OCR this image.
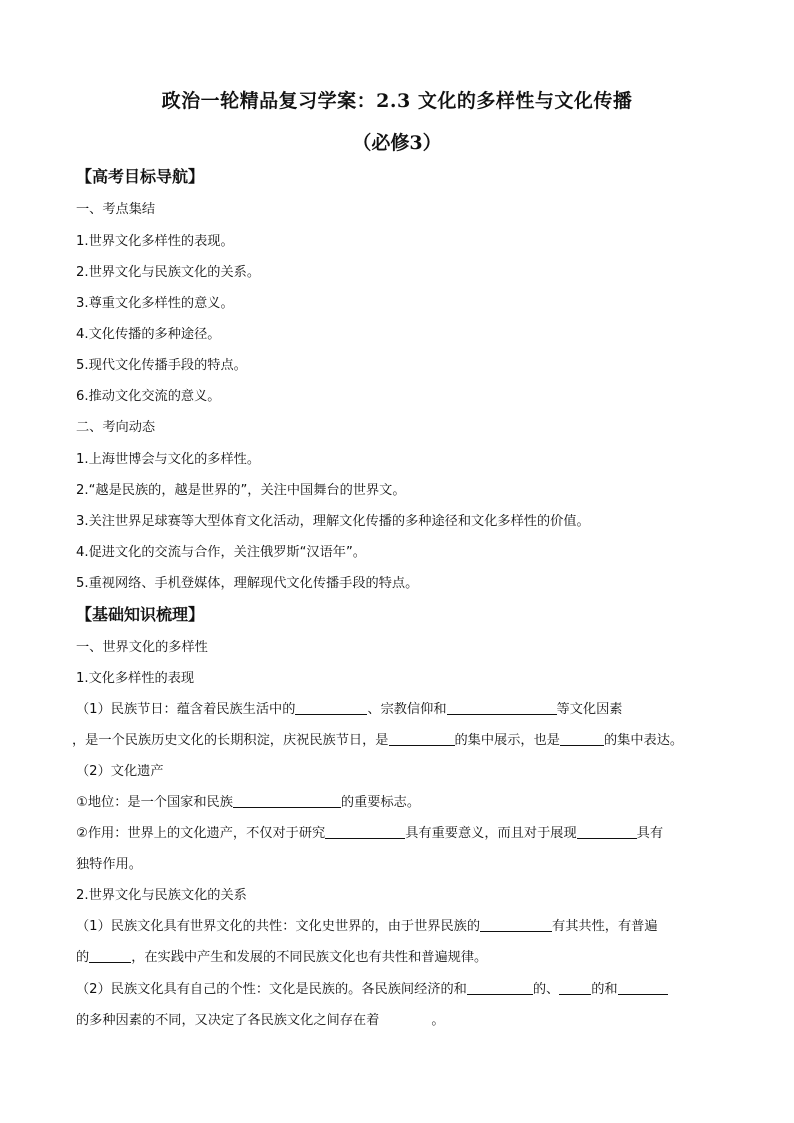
政治一轮精品复习学案：2.3 文化的多样性与文化传播
（必修3）
【高考目标导航】
一、考点集结
1.世界文化多样性的表现。
2.世界文化与民族文化的关系。
3.尊重文化多样性的意义。
4.文化传播的多种途径。
5.现代文化传播手段的特点。
6.推动文化交流的意义。
二、考向动态
1.上海世博会与文化的多样性。
2.“越是民族的，越是世界的”，关注中国舞台的世界文。
3.关注世界足球赛等大型体育文化活动，理解文化传播的多种途径和文化多样性的价值。
4.促进文化的交流与合作，关注俄罗斯“汉语年”。
5.重视网络、手机登媒体，理解现代文化传播手段的特点。
【基础知识梳理】
一、世界文化的多样性
1.文化多样性的表现
（1）民族节日：蕴含着民族生活中的	、宗教信仰和	等文化因素
，是一个民族历史文化的长期积淀，庆祝民族节日，是	的集中展示，也是	的集中表达。
（2）文化遗产
①地位：是一个国家和民族	的重要标志。
②作用：世界上的文化遗产，不仅对于研究	具有重要意义，而且对于展现	具有
独特作用。
2.世界文化与民族文化的关系
（1）民族文化具有世界文化的共性：文化史世界的，由于世界民族的	有其共性，有普遍
的	，在实践中产生和发展的不同民族文化也有共性和普遍规律。
（2）民族文化具有自己的个性：文化是民族的。各民族间经济的和	的、 的和
的多种因素的不同，又决定了各民族文化之间存在着	。
